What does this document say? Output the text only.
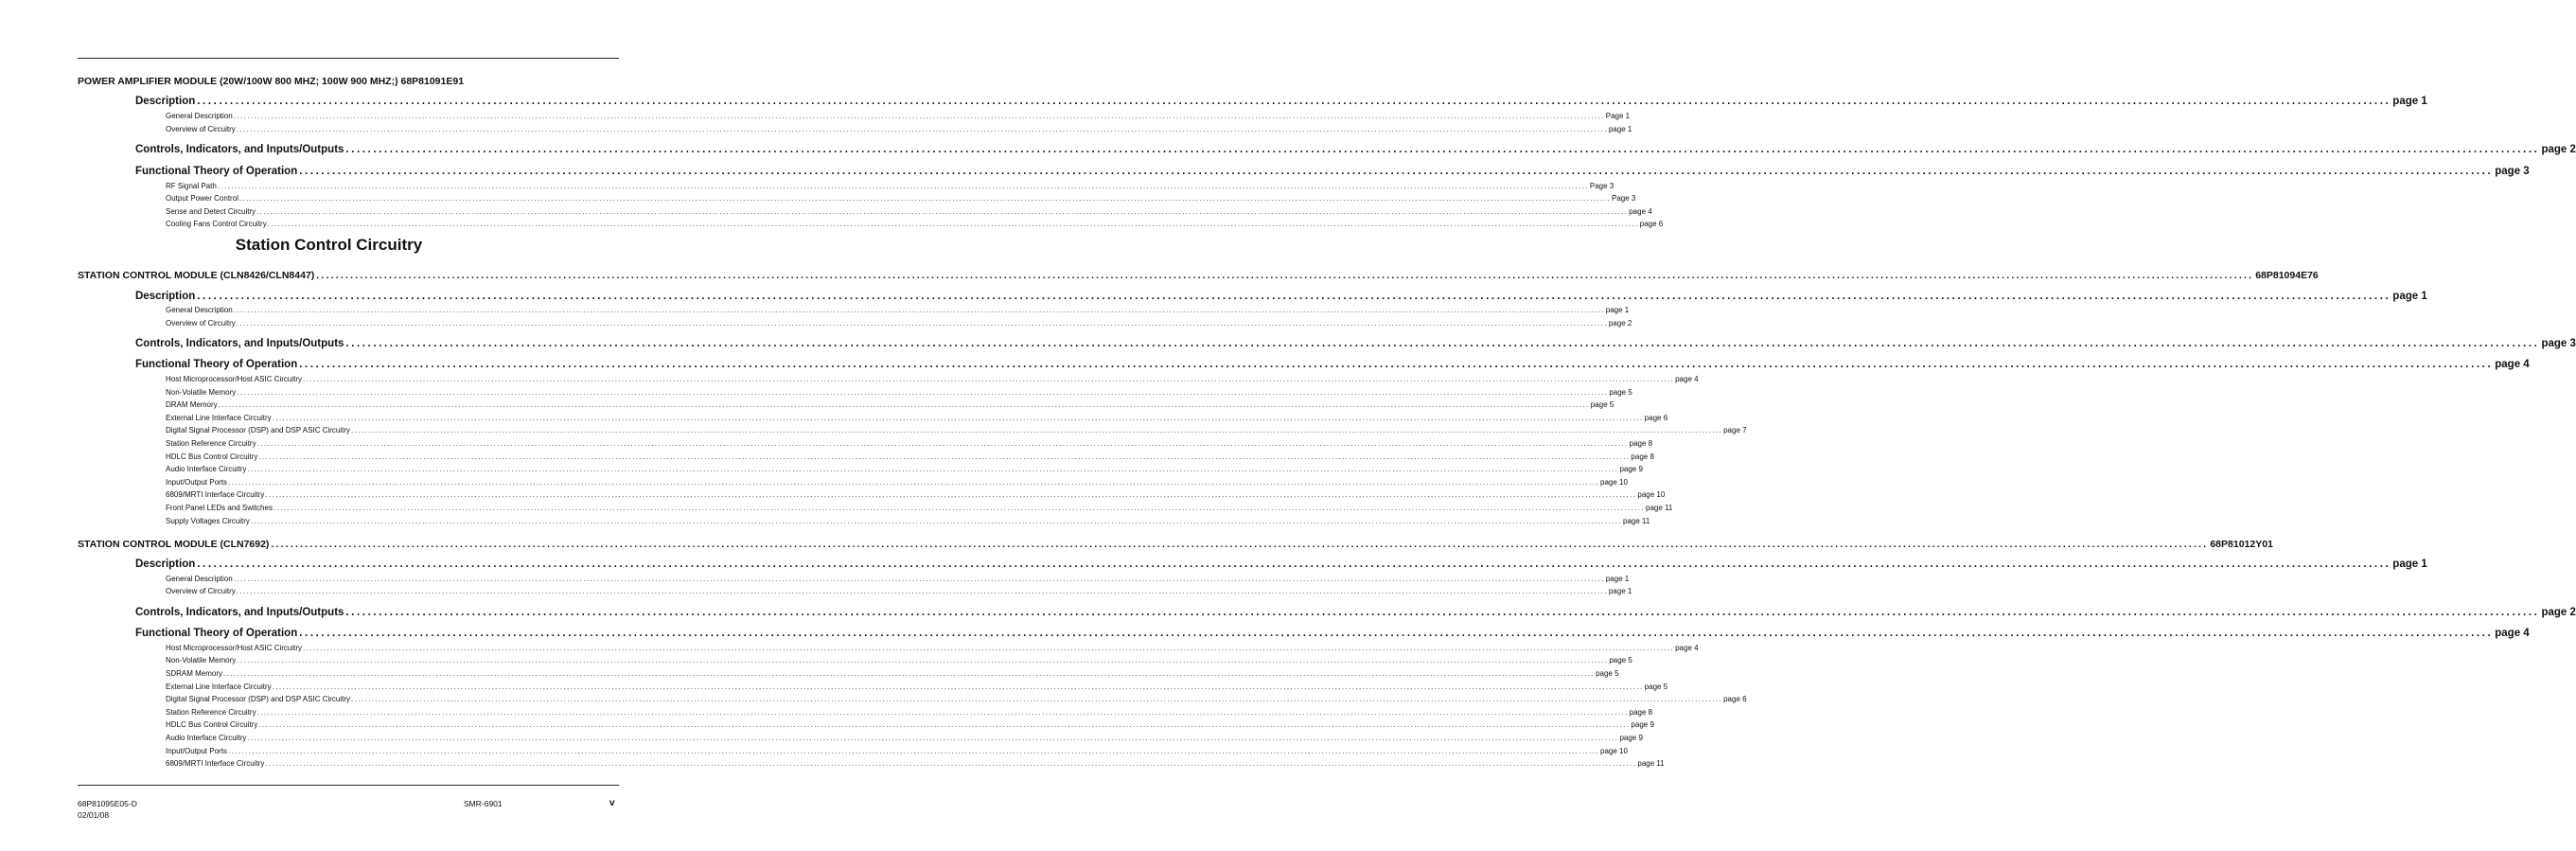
POWER AMPLIFIER MODULE (20W/100W 800 MHZ; 100W 900 MHZ;) 68P81091E91
Description ................................................................................................................................................................................................................................................................................................................................................................................................................ page 1
General Description ................................................................................................................................................................................................................................................................................................................................................................................................................ Page 1
Overview of Circuitry ................................................................................................................................................................................................................................................................................................................................................................................................................ page 1
Controls, Indicators, and Inputs/Outputs ................................................................................................................................................................................................................................................................................................................................................................................................................ page 2
Functional Theory of Operation ................................................................................................................................................................................................................................................................................................................................................................................................................ page 3
RF Signal Path ................................................................................................................................................................................................................................................................................................................................................................................................................ Page 3
Output Power Control ................................................................................................................................................................................................................................................................................................................................................................................................................ Page 3
Sense and Detect Circuitry ................................................................................................................................................................................................................................................................................................................................................................................................................ page 4
Cooling Fans Control Circuitry ................................................................................................................................................................................................................................................................................................................................................................................................................ page 6
Station Control Circuitry
STATION CONTROL MODULE (CLN8426/CLN8447) ................................................................................................................................................................................................................................................................................................................................................................................................................ 68P81094E76
Description ................................................................................................................................................................................................................................................................................................................................................................................................................ page 1
General Description ................................................................................................................................................................................................................................................................................................................................................................................................................ page 1
Overview of Circuitry ................................................................................................................................................................................................................................................................................................................................................................................................................ page 2
Controls, Indicators, and Inputs/Outputs ................................................................................................................................................................................................................................................................................................................................................................................................................ page 3
Functional Theory of Operation ................................................................................................................................................................................................................................................................................................................................................................................................................ page 4
Host Microprocessor/Host ASIC Circuitry ................................................................................................................................................................................................................................................................................................................................................................................................................ page 4
Non-Volatile Memory ................................................................................................................................................................................................................................................................................................................................................................................................................ page 5
DRAM Memory ................................................................................................................................................................................................................................................................................................................................................................................................................ page 5
External Line Interface Circuitry ................................................................................................................................................................................................................................................................................................................................................................................................................ page 6
Digital Signal Processor (DSP) and DSP ASIC Circuitry ................................................................................................................................................................................................................................................................................................................................................................................................................ page 7
Station Reference Circuitry ................................................................................................................................................................................................................................................................................................................................................................................................................ page 8
HDLC Bus Control Circuitry ................................................................................................................................................................................................................................................................................................................................................................................................................ page 8
Audio Interface Circuitry ................................................................................................................................................................................................................................................................................................................................................................................................................ page 9
Input/Output Ports ................................................................................................................................................................................................................................................................................................................................................................................................................ page 10
6809/MRTI Interface Circuitry ................................................................................................................................................................................................................................................................................................................................................................................................................ page 10
Front Panel LEDs and Switches ................................................................................................................................................................................................................................................................................................................................................................................................................ page 11
Supply Voltages Circuitry ................................................................................................................................................................................................................................................................................................................................................................................................................ page 11
STATION CONTROL MODULE (CLN7692) ................................................................................................................................................................................................................................................................................................................................................................................................................ 68P81012Y01
Description ................................................................................................................................................................................................................................................................................................................................................................................................................ page 1
General Description ................................................................................................................................................................................................................................................................................................................................................................................................................ page 1
Overview of Circuitry ................................................................................................................................................................................................................................................................................................................................................................................................................ page 1
Controls, Indicators, and Inputs/Outputs ................................................................................................................................................................................................................................................................................................................................................................................................................ page 2
Functional Theory of Operation ................................................................................................................................................................................................................................................................................................................................................................................................................ page 4
Host Microprocessor/Host ASIC Circuitry ................................................................................................................................................................................................................................................................................................................................................................................................................ page 4
Non-Volatile Memory ................................................................................................................................................................................................................................................................................................................................................................................................................ page 5
SDRAM Memory ................................................................................................................................................................................................................................................................................................................................................................................................................ page 5
External Line Interface Circuitry ................................................................................................................................................................................................................................................................................................................................................................................................................ page 5
Digital Signal Processor (DSP) and DSP ASIC Circuitry ................................................................................................................................................................................................................................................................................................................................................................................................................ page 6
Station Reference Circuitry ................................................................................................................................................................................................................................................................................................................................................................................................................ page 8
HDLC Bus Control Circuitry ................................................................................................................................................................................................................................................................................................................................................................................................................ page 9
Audio Interface Circuitry ................................................................................................................................................................................................................................................................................................................................................................................................................ page 9
Input/Output Ports ................................................................................................................................................................................................................................................................................................................................................................................................................ page 10
6809/MRTI Interface Circuitry ................................................................................................................................................................................................................................................................................................................................................................................................................ page 11
68P81095E05-D
02/01/08
SMR-6901	v
